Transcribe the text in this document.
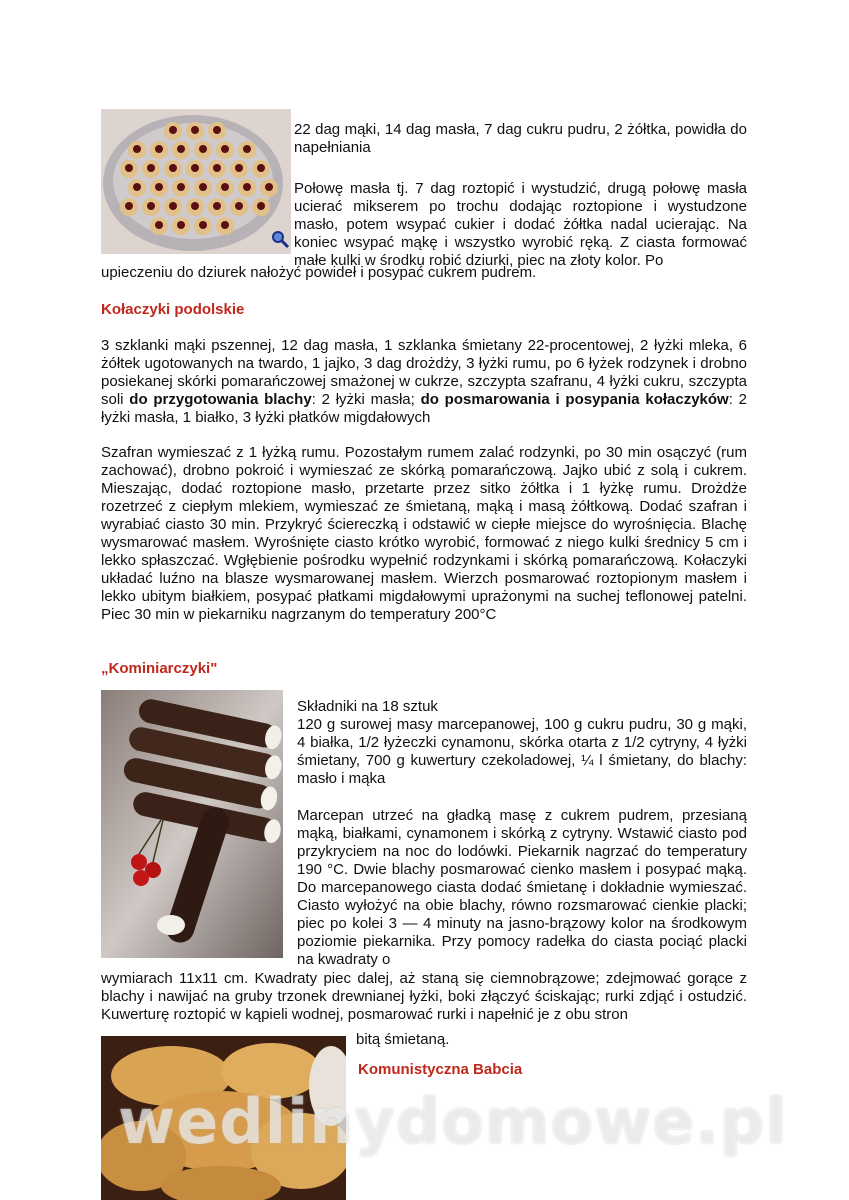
22 dag mąki, 14 dag masła, 7 dag cukru pudru, 2 żółtka, powidła do napełniania

Połowę masła tj. 7 dag roztopić i wystudzić, drugą połowę masła ucierać mikserem po trochu dodając roztopione i wystudzone masło, potem wsypać cukier i dodać żółtka nadal ucierając. Na koniec wsypać mąkę i wszystko wyrobić ręką. Z ciasta formować małe kulki w środku robić dziurki, piec na złoty kolor. Po

upieczeniu do dziurek nałożyć powideł i posypać cukrem pudrem.

Kołaczyki podolskie

3 szklanki mąki pszennej, 12 dag masła, 1 szklanka śmietany 22-procentowej, 2 łyżki mleka, 6 żółtek ugotowanych na twardo, 1 jajko, 3 dag drożdży, 3 łyżki rumu, po 6 łyżek rodzynek i drobno posiekanej skórki pomarańczowej smażonej w cukrze, szczypta szafranu, 4 łyżki cukru, szczypta soli do przygotowania blachy: 2 łyżki masła; do posmarowania i posypania kołaczyków: 2 łyżki masła, 1 białko, 3 łyżki płatków migdałowych

Szafran wymieszać z 1 łyżką rumu. Pozostałym rumem zalać rodzynki, po 30 min osączyć (rum zachować), drobno pokroić i wymieszać ze skórką pomarańczową. Jajko ubić z solą i cukrem. Mieszając, dodać roztopione masło, przetarte przez sitko żółtka i 1 łyżkę rumu. Drożdże rozetrzeć z ciepłym mlekiem, wymieszać ze śmietaną, mąką i masą żółtkową. Dodać szafran i wyrabiać ciasto 30 min. Przykryć ściereczką i odstawić w ciepłe miejsce do wyrośnięcia. Blachę wysmarować masłem. Wyrośnięte ciasto krótko wyrobić, formować z niego kulki średnicy 5 cm i lekko spłaszczać. Wgłębienie pośrodku wypełnić rodzynkami i skórką pomarańczową. Kołaczyki układać luźno na blasze wysmarowanej masłem. Wierzch posmarować roztopionym masłem i lekko ubitym białkiem, posypać płatkami migdałowymi uprażonymi na suchej teflonowej patelni. Piec 30 min w piekarniku nagrzanym do temperatury 200°C

„Kominiarczyki"

Składniki na 18 sztuk

120 g surowej masy marcepanowej, 100 g cukru pudru, 30 g mąki, 4 białka, 1/2 łyżeczki cynamonu, skórka otarta z 1/2 cytryny, 4 łyżki śmietany, 700 g kuwertury czekoladowej, ¼ l śmietany, do blachy: masło i mąka

Marcepan utrzeć na gładką masę z cukrem pudrem, przesianą mąką, białkami, cynamonem i skórką z cytryny. Wstawić ciasto pod przykryciem na noc do lodówki. Piekarnik nagrzać do temperatury 190 °C. Dwie blachy posmarować cienko masłem i posypać mąką. Do marcepanowego ciasta dodać śmietanę i dokładnie wymieszać. Ciasto wyłożyć na obie blachy, równo rozsmarować cienkie placki; piec po kolei 3 — 4 minuty na jasno-brązowy kolor na środkowym poziomie piekarnika. Przy pomocy radełka do ciasta pociąć placki na kwadraty o

wymiarach 11x11 cm. Kwadraty piec dalej, aż staną się ciemnobrązowe; zdejmować gorące z blachy i nawijać na gruby trzonek drewnianej łyżki, boki złączyć ściskając; rurki zdjąć i ostudzić. Kuwerturę roztopić w kąpieli wodnej, posmarować rurki i napełnić je z obu stron

bitą śmietaną.

Komunistyczna Babcia
wedlinydomowe.pl
